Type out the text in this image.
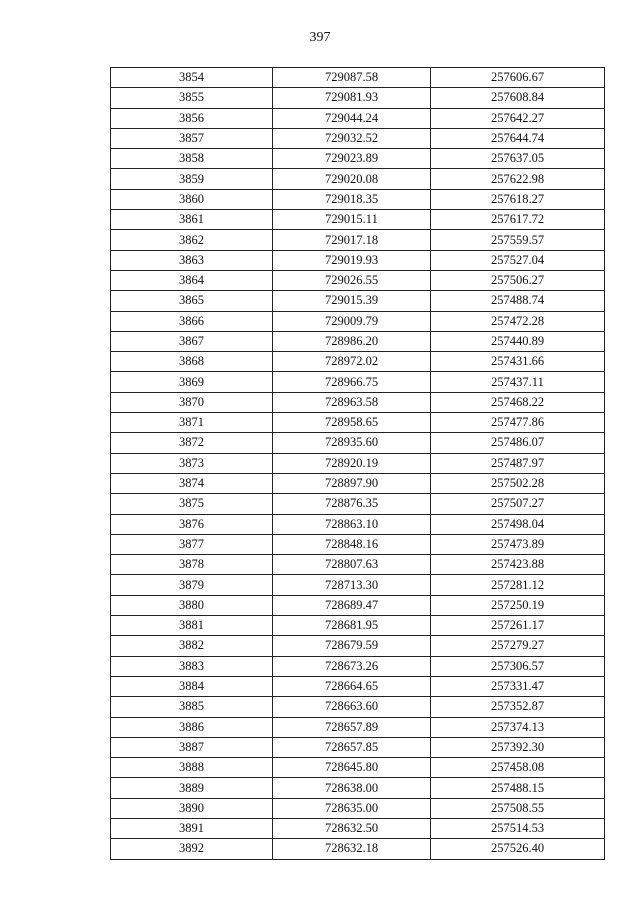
397
3854	729087.58	257606.67
3855	729081.93	257608.84
3856	729044.24	257642.27
3857	729032.52	257644.74
3858	729023.89	257637.05
3859	729020.08	257622.98
3860	729018.35	257618.27
3861	729015.11	257617.72
3862	729017.18	257559.57
3863	729019.93	257527.04
3864	729026.55	257506.27
3865	729015.39	257488.74
3866	729009.79	257472.28
3867	728986.20	257440.89
3868	728972.02	257431.66
3869	728966.75	257437.11
3870	728963.58	257468.22
3871	728958.65	257477.86
3872	728935.60	257486.07
3873	728920.19	257487.97
3874	728897.90	257502.28
3875	728876.35	257507.27
3876	728863.10	257498.04
3877	728848.16	257473.89
3878	728807.63	257423.88
3879	728713.30	257281.12
3880	728689.47	257250.19
3881	728681.95	257261.17
3882	728679.59	257279.27
3883	728673.26	257306.57
3884	728664.65	257331.47
3885	728663.60	257352.87
3886	728657.89	257374.13
3887	728657.85	257392.30
3888	728645.80	257458.08
3889	728638.00	257488.15
3890	728635.00	257508.55
3891	728632.50	257514.53
3892	728632.18	257526.40
